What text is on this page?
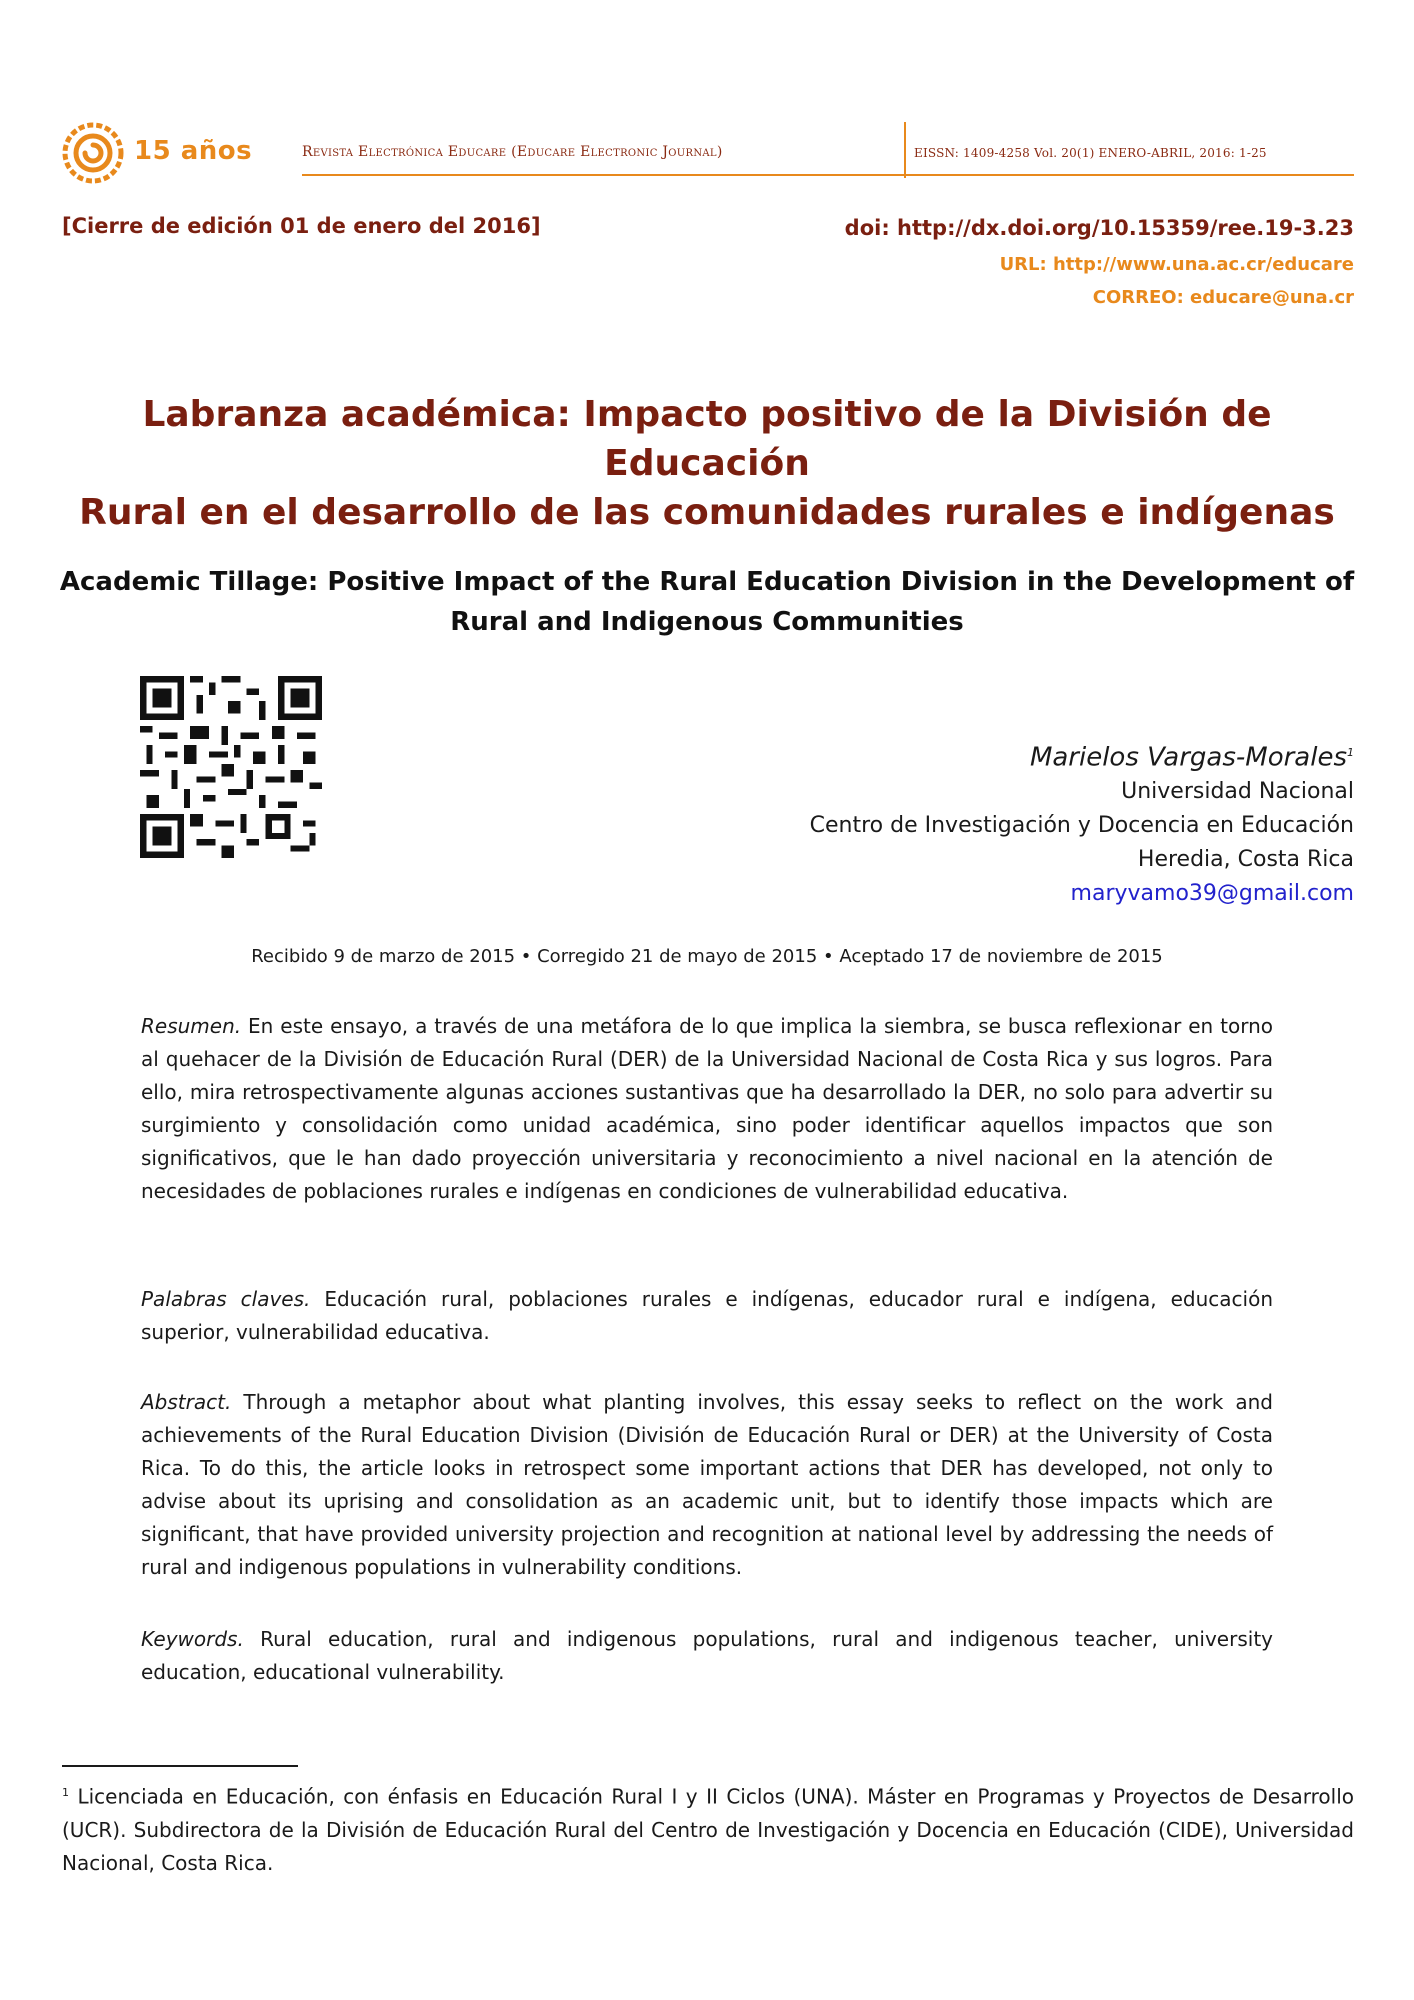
15 años	Revista Electrónica Educare (Educare Electronic Journal)	EISSN: 1409-4258 Vol. 20(1) ENERO-ABRIL, 2016: 1-25
[Cierre de edición 01 de enero del 2016]	doi: http://dx.doi.org/10.15359/ree.19-3.23
URL: http://www.una.ac.cr/educare
CORREO: educare@una.cr
Labranza académica: Impacto positivo de la División de Educación
Rural en el desarrollo de las comunidades rurales e indígenas
Academic Tillage: Positive Impact of the Rural Education Division in the Development of
Rural and Indigenous Communities
Marielos Vargas-Morales$^1$
Universidad Nacional
Centro de Investigación y Docencia en Educación
Heredia, Costa Rica
maryvamo39@gmail.com
Recibido 9 de marzo de 2015 • Corregido 21 de mayo de 2015 • Aceptado 17 de noviembre de 2015
Resumen. En este ensayo, a través de una metáfora de lo que implica la siembra, se busca reflexionar en torno al quehacer de la División de Educación Rural (DER) de la Universidad Nacional de Costa Rica y sus logros. Para ello, mira retrospectivamente algunas acciones sustantivas que ha desarrollado la DER, no solo para advertir su surgimiento y consolidación como unidad académica, sino poder identificar aquellos impactos que son significativos, que le han dado proyección universitaria y reconocimiento a nivel nacional en la atención de necesidades de poblaciones rurales e indígenas en condiciones de vulnerabilidad educativa.
Palabras claves. Educación rural, poblaciones rurales e indígenas, educador rural e indígena, educación superior, vulnerabilidad educativa.
Abstract. Through a metaphor about what planting involves, this essay seeks to reflect on the work and achievements of the Rural Education Division (División de Educación Rural or DER) at the University of Costa Rica. To do this, the article looks in retrospect some important actions that DER has developed, not only to advise about its uprising and consolidation as an academic unit, but to identify those impacts which are significant, that have provided university projection and recognition at national level by addressing the needs of rural and indigenous populations in vulnerability conditions.
Keywords. Rural education, rural and indigenous populations, rural and indigenous teacher, university education, educational vulnerability.
$^1$ Licenciada en Educación, con énfasis en Educación Rural I y II Ciclos (UNA). Máster en Programas y Proyectos de Desarrollo (UCR). Subdirectora de la División de Educación Rural del Centro de Investigación y Docencia en Educación (CIDE), Universidad Nacional, Costa Rica.
